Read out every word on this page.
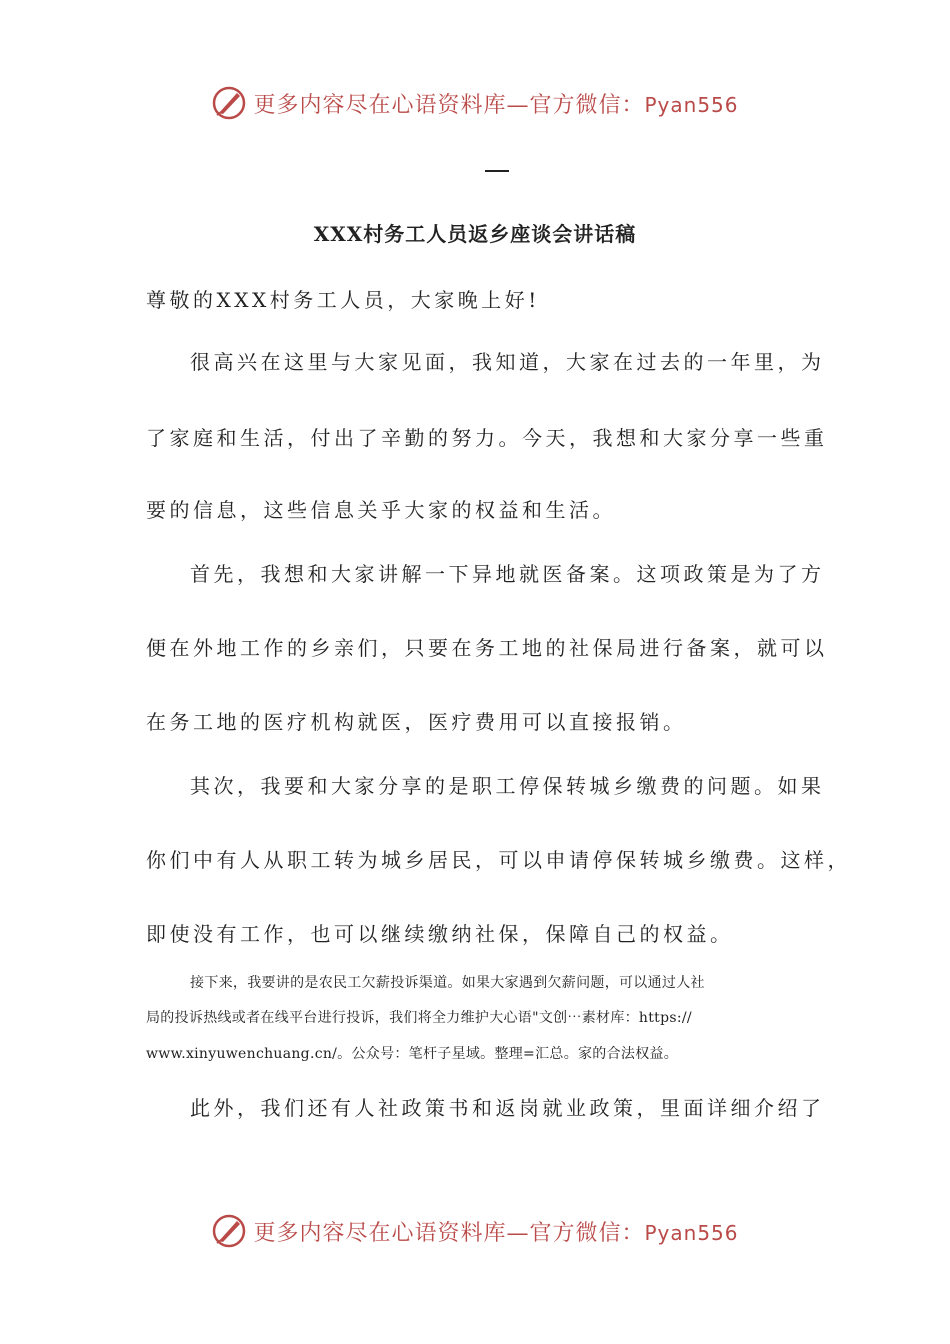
更多内容尽在心语资料库—官方微信：Pyan556
XXX村务工人员返乡座谈会讲话稿
尊敬的XXX村务工人员，大家晚上好!
很高兴在这里与大家见面，我知道，大家在过去的一年里，为
了家庭和生活，付出了辛勤的努力。今天，我想和大家分享一些重
要的信息，这些信息关乎大家的权益和生活。
首先，我想和大家讲解一下异地就医备案。这项政策是为了方
便在外地工作的乡亲们，只要在务工地的社保局进行备案，就可以
在务工地的医疗机构就医，医疗费用可以直接报销。
其次，我要和大家分享的是职工停保转城乡缴费的问题。如果
你们中有人从职工转为城乡居民，可以申请停保转城乡缴费。这样，
即使没有工作，也可以继续缴纳社保，保障自己的权益。
接下来，我要讲的是农民工欠薪投诉渠道。如果大家遇到欠薪问题，可以通过人社
局的投诉热线或者在线平台进行投诉，我们将全力维护大心语"文创⋯素材库：https://
www.xinyuwenchuang.cn/。公众号：笔杆子星域。整理=汇总。家的合法权益。
此外，我们还有人社政策书和返岗就业政策，里面详细介绍了
更多内容尽在心语资料库—官方微信：Pyan556
